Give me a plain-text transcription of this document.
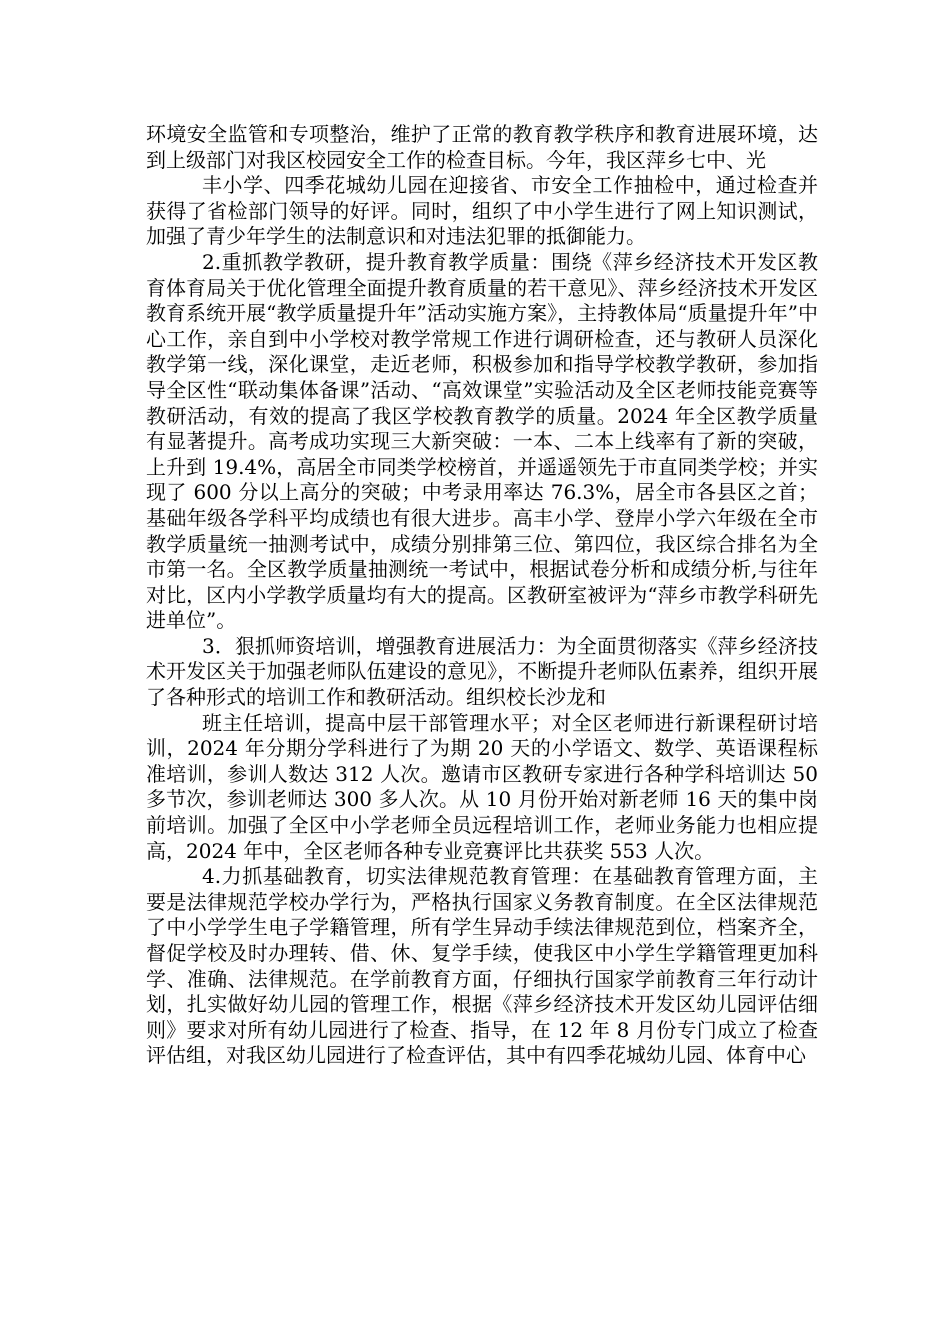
环境安全监管和专项整治，维护了正常的教育教学秩序和教育进展环境，达到上级部门对我区校园安全工作的检查目标。今年，我区萍乡七中、光

丰小学、四季花城幼儿园在迎接省、市安全工作抽检中，通过检查并获得了省检部门领导的好评。同时，组织了中小学生进行了网上知识测试，加强了青少年学生的法制意识和对违法犯罪的抵御能力。

2.重抓教学教研，提升教育教学质量：围绕《萍乡经济技术开发区教育体育局关于优化管理全面提升教育质量的若干意见》、萍乡经济技术开发区教育系统开展“教学质量提升年”活动实施方案》，主持教体局“质量提升年”中心工作，亲自到中小学校对教学常规工作进行调研检查，还与教研人员深化教学第一线，深化课堂，走近老师，积极参加和指导学校教学教研，参加指导全区性“联动集体备课”活动、“高效课堂”实验活动及全区老师技能竞赛等教研活动，有效的提高了我区学校教育教学的质量。2024 年全区教学质量有显著提升。高考成功实现三大新突破：一本、二本上线率有了新的突破，上升到 19.4%，高居全市同类学校榜首，并遥遥领先于市直同类学校；并实现了 600 分以上高分的突破；中考录用率达 76.3%，居全市各县区之首；基础年级各学科平均成绩也有很大进步。高丰小学、登岸小学六年级在全市教学质量统一抽测考试中，成绩分别排第三位、第四位，我区综合排名为全市第一名。全区教学质量抽测统一考试中，根据试卷分析和成绩分析,与往年对比，区内小学教学质量均有大的提高。区教研室被评为“萍乡市教学科研先进单位”。

3．狠抓师资培训，增强教育进展活力：为全面贯彻落实《萍乡经济技术开发区关于加强老师队伍建设的意见》，不断提升老师队伍素养，组织开展了各种形式的培训工作和教研活动。组织校长沙龙和

班主任培训，提高中层干部管理水平；对全区老师进行新课程研讨培训，2024 年分期分学科进行了为期 20 天的小学语文、数学、英语课程标准培训，参训人数达 312 人次。邀请市区教研专家进行各种学科培训达 50 多节次，参训老师达 300 多人次。从 10 月份开始对新老师 16 天的集中岗前培训。加强了全区中小学老师全员远程培训工作，老师业务能力也相应提高，2024 年中，全区老师各种专业竞赛评比共获奖 553 人次。

4.力抓基础教育，切实法律规范教育管理：在基础教育管理方面，主要是法律规范学校办学行为，严格执行国家义务教育制度。在全区法律规范了中小学学生电子学籍管理，所有学生异动手续法律规范到位，档案齐全，督促学校及时办理转、借、休、复学手续，使我区中小学生学籍管理更加科学、准确、法律规范。在学前教育方面，仔细执行国家学前教育三年行动计划，扎实做好幼儿园的管理工作，根据《萍乡经济技术开发区幼儿园评估细则》要求对所有幼儿园进行了检查、指导，在 12 年 8 月份专门成立了检查评估组，对我区幼儿园进行了检查评估，其中有四季花城幼儿园、体育中心
